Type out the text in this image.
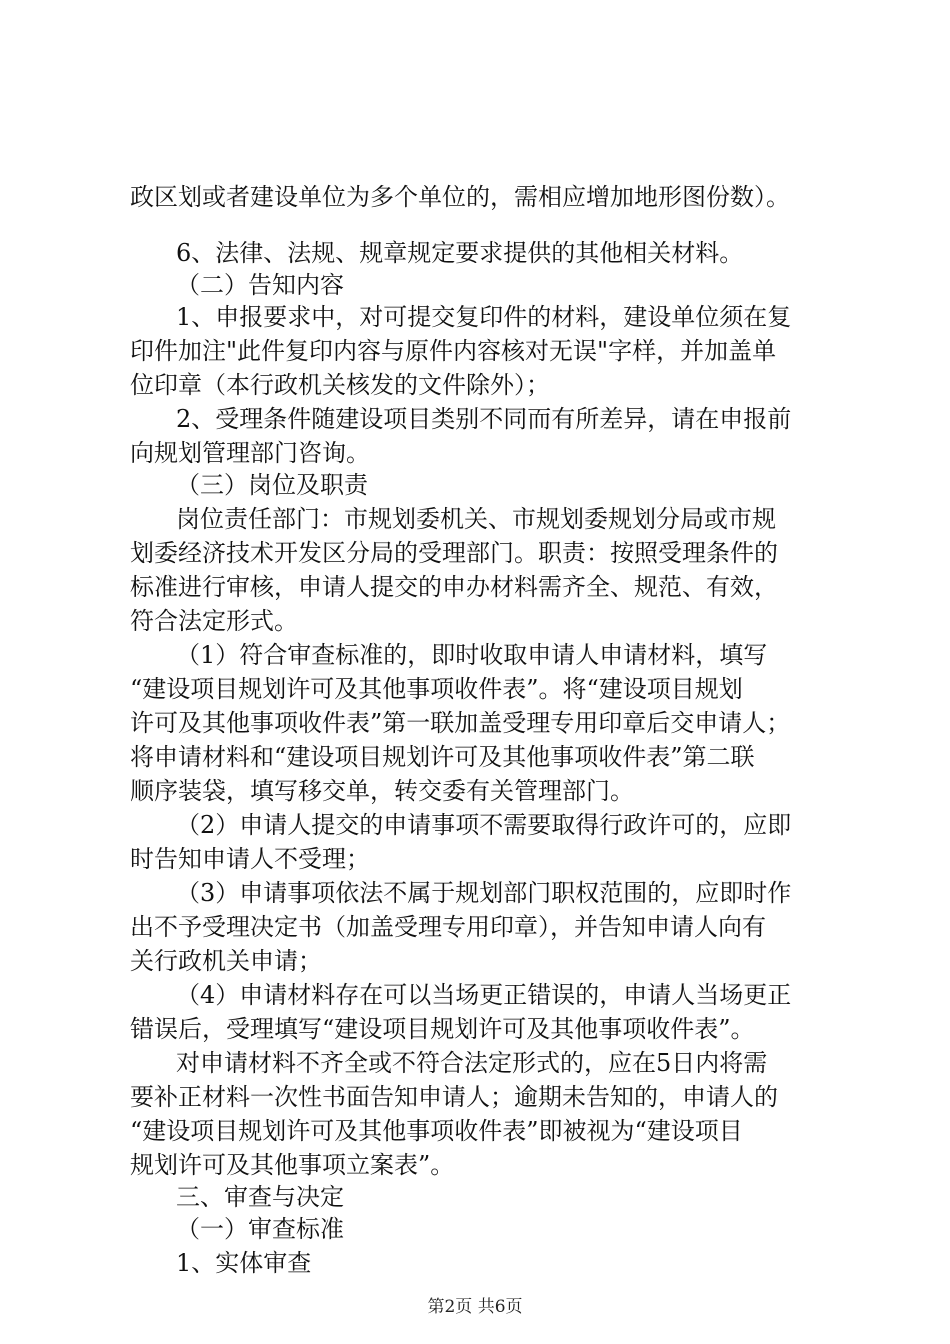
政区划或者建设单位为多个单位的，需相应增加地形图份数）。

6、法律、法规、规章规定要求提供的其他相关材料。

（二）告知内容

1、申报要求中，对可提交复印件的材料，建设单位须在复

印件加注"此件复印内容与原件内容核对无误"字样，并加盖单

位印章（本行政机关核发的文件除外）；

2、受理条件随建设项目类别不同而有所差异，请在申报前

向规划管理部门咨询。

（三）岗位及职责

岗位责任部门：市规划委机关、市规划委规划分局或市规

划委经济技术开发区分局的受理部门。职责：按照受理条件的

标准进行审核，申请人提交的申办材料需齐全、规范、有效，

符合法定形式。

（1）符合审查标准的，即时收取申请人申请材料，填写

“建设项目规划许可及其他事项收件表”。将“建设项目规划

许可及其他事项收件表”第一联加盖受理专用印章后交申请人；

将申请材料和“建设项目规划许可及其他事项收件表”第二联

顺序装袋，填写移交单，转交委有关管理部门。

（2）申请人提交的申请事项不需要取得行政许可的，应即

时告知申请人不受理；

（3）申请事项依法不属于规划部门职权范围的，应即时作

出不予受理决定书（加盖受理专用印章），并告知申请人向有

关行政机关申请；

（4）申请材料存在可以当场更正错误的，申请人当场更正

错误后，受理填写“建设项目规划许可及其他事项收件表”。

对申请材料不齐全或不符合法定形式的，应在5日内将需

要补正材料一次性书面告知申请人；逾期未告知的，申请人的

“建设项目规划许可及其他事项收件表”即被视为“建设项目

规划许可及其他事项立案表”。

三、审查与决定

（一）审查标准

1、实体审查

第2页 共6页
